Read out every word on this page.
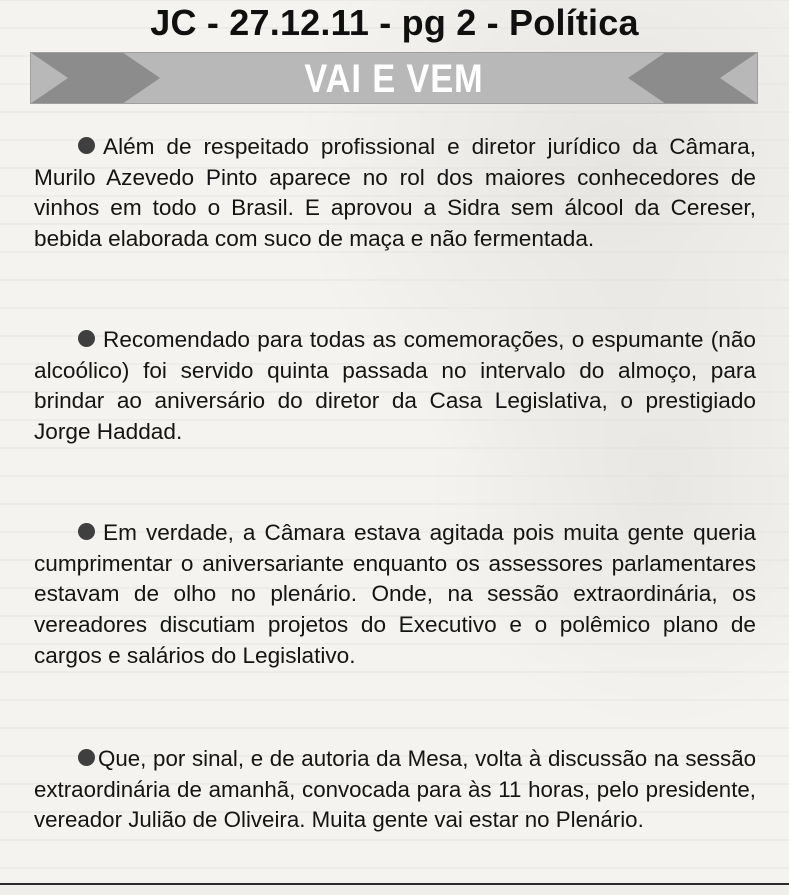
JC - 27.12.11 - pg 2 - Política
VAI E VEM

Além de respeitado profissional e diretor jurídico da Câmara, Murilo Azevedo Pinto aparece no rol dos maiores conhecedores de vinhos em todo o Brasil. E aprovou a Sidra sem álcool da Cereser, bebida elaborada com suco de maça e não fermentada.

Recomendado para todas as comemorações, o espumante (não alcoólico) foi servido quinta passada no intervalo do almoço, para brindar ao aniversário do diretor da Casa Legislativa, o prestigiado Jorge Haddad.

Em verdade, a Câmara estava agitada pois muita gente queria cumprimentar o aniversariante enquanto os assessores parlamentares estavam de olho no plenário. Onde, na sessão extraordinária, os vereadores discutiam projetos do Executivo e o polêmico plano de cargos e salários do Legislativo.

Que, por sinal, e de autoria da Mesa, volta à discussão na sessão extraordinária de amanhã, convocada para às 11 horas, pelo presidente, vereador Julião de Oliveira. Muita gente vai estar no Plenário.
